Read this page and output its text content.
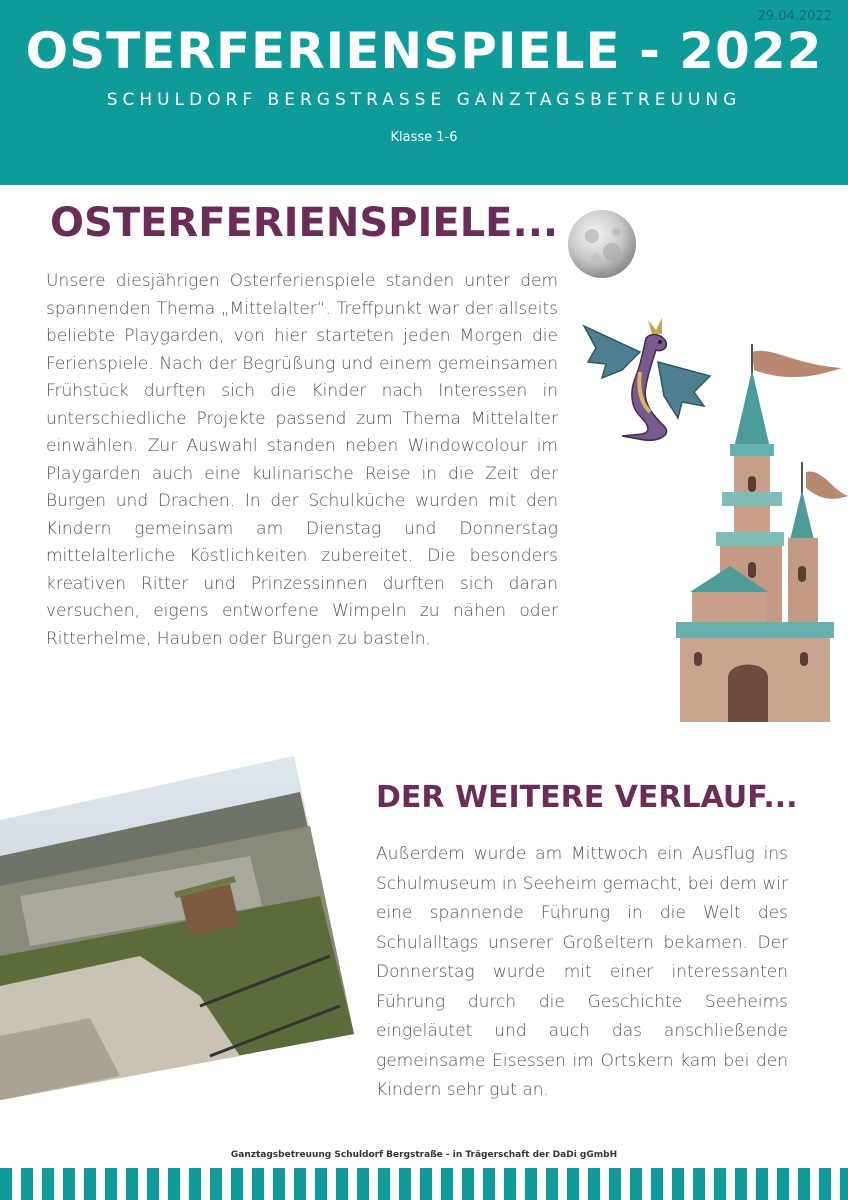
29.04.2022
OSTERFERIENSPIELE - 2022
SCHULDORF BERGSTRASSE GANZTAGSBETREUUNG
Klasse 1-6
OSTERFERIENSPIELE...

Unsere diesjährigen Osterferienspiele standen unter dem spannenden Thema „Mittelalter“. Treffpunkt war der allseits beliebte Playgarden, von hier starteten jeden Morgen die Ferienspiele. Nach der Begrüßung und einem gemeinsamen Frühstück durften sich die Kinder nach Interessen in unterschiedliche Projekte passend zum Thema Mittelalter einwählen. Zur Auswahl standen neben Windowcolour im Playgarden auch eine kulinarische Reise in die Zeit der Burgen und Drachen. In der Schulküche wurden mit den Kindern gemeinsam am Dienstag und Donnerstag mittelalterliche Köstlichkeiten zubereitet. Die besonders kreativen Ritter und Prinzessinnen durften sich daran versuchen, eigens entworfene Wimpeln zu nähen oder Ritterhelme, Hauben oder Burgen zu basteln.

DER WEITERE VERLAUF...

Außerdem wurde am Mittwoch ein Ausflug ins Schulmuseum in Seeheim gemacht, bei dem wir eine spannende Führung in die Welt des Schulalltags unserer Großeltern bekamen. Der Donnerstag wurde mit einer interessanten Führung durch die Geschichte Seeheims eingeläutet und auch das anschließende gemeinsame Eisessen im Ortskern kam bei den Kindern sehr gut an.

Ganztagsbetreuung Schuldorf Bergstraße - in Trägerschaft der DaDi gGmbH
